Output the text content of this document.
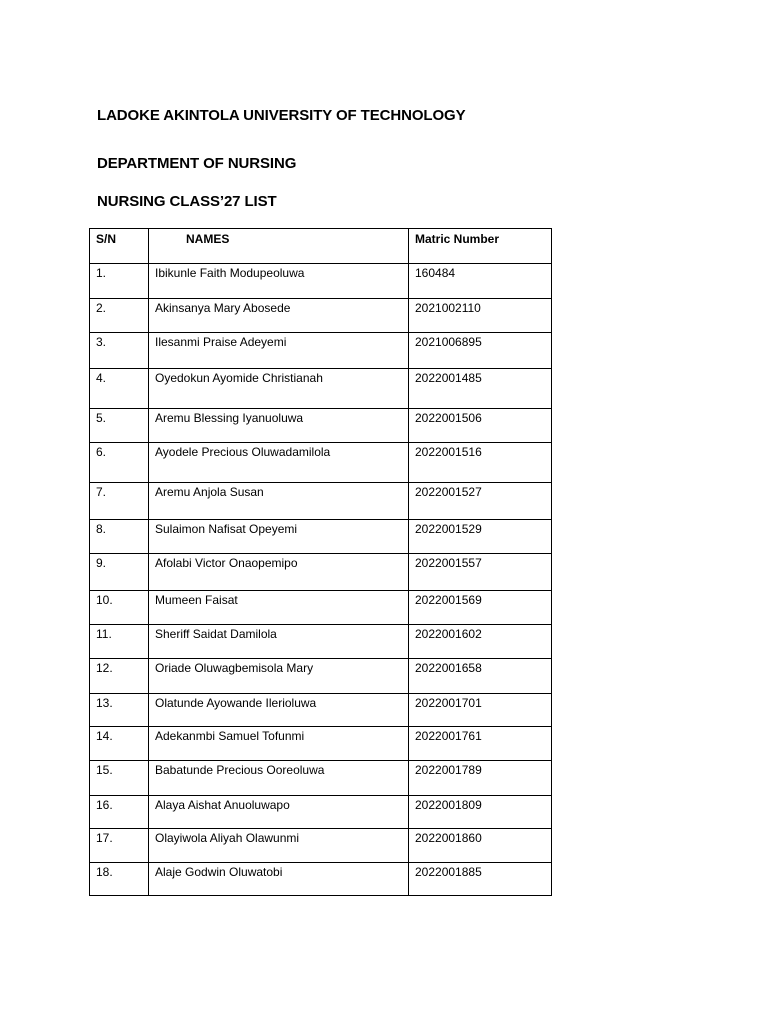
LADOKE AKINTOLA UNIVERSITY OF TECHNOLOGY
DEPARTMENT OF NURSING
NURSING CLASS’27 LIST
S/N	NAMES	Matric Number
1.	Ibikunle Faith Modupeoluwa	160484
2.	Akinsanya Mary Abosede	2021002110
3.	Ilesanmi Praise Adeyemi	2021006895
4.	Oyedokun Ayomide Christianah	2022001485
5.	Aremu Blessing Iyanuoluwa	2022001506
6.	Ayodele Precious Oluwadamilola	2022001516
7.	Aremu Anjola Susan	2022001527
8.	Sulaimon Nafisat Opeyemi	2022001529
9.	Afolabi Victor Onaopemipo	2022001557
10.	Mumeen Faisat	2022001569
11.	Sheriff Saidat Damilola	2022001602
12.	Oriade Oluwagbemisola Mary	2022001658
13.	Olatunde Ayowande Ilerioluwa	2022001701
14.	Adekanmbi Samuel Tofunmi	2022001761
15.	Babatunde Precious Ooreoluwa	2022001789
16.	Alaya Aishat Anuoluwapo	2022001809
17.	Olayiwola Aliyah Olawunmi	2022001860
18.	Alaje Godwin Oluwatobi	2022001885
